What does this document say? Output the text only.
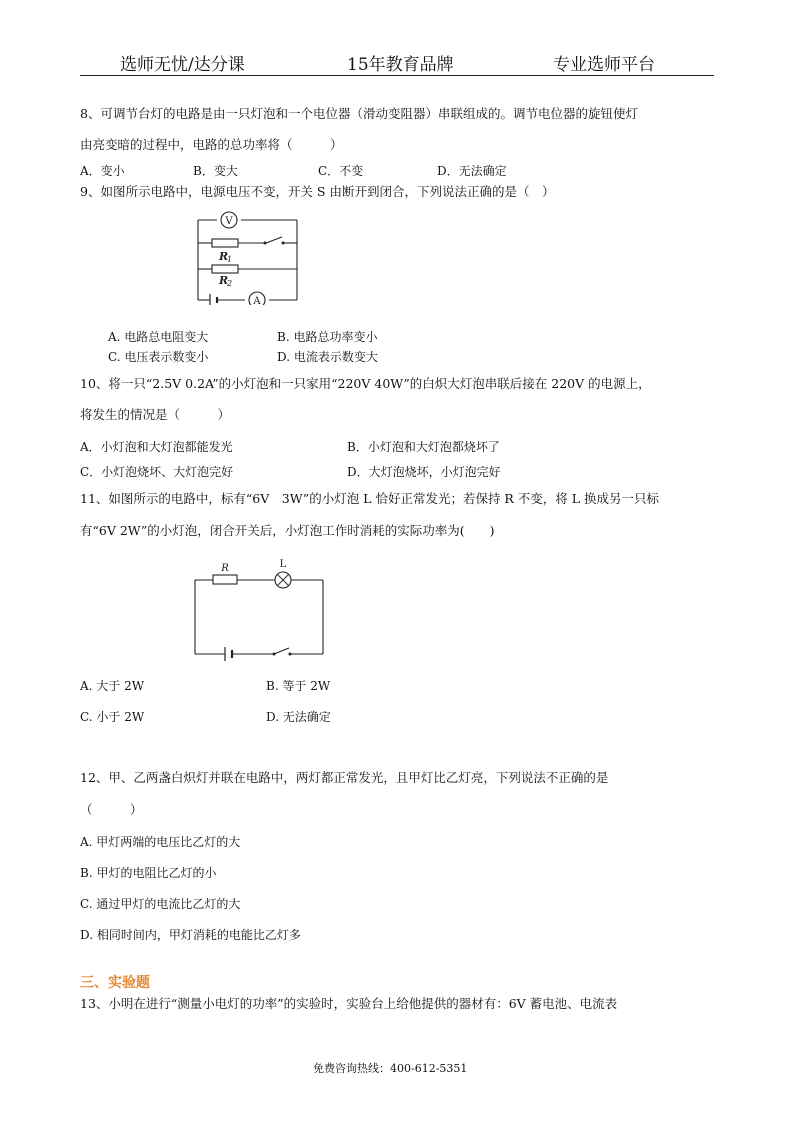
选师无忧/达分课	15年教育品牌	专业选师平台
8、可调节台灯的电路是由一只灯泡和一个电位器（滑动变阻器）串联组成的。调节电位器的旋钮使灯
由亮变暗的过程中，电路的总功率将（　　　）
A．变小	B．变大	C．不变	D．无法确定
9、如图所示电路中，电源电压不变，开关 S 由断开到闭合，下列说法正确的是（　）
V
A
R
1
R
2
A. 电路总电阻变大	B. 电路总功率变小
C. 电压表示数变小	D. 电流表示数变大
10、将一只“2.5V 0.2A”的小灯泡和一只家用“220V 40W”的白炽大灯泡串联后接在 220V 的电源上，
将发生的情况是（　　　）
A．小灯泡和大灯泡都能发光	B．小灯泡和大灯泡都烧坏了
C．小灯泡烧坏、大灯泡完好	D．大灯泡烧坏，小灯泡完好
11、如图所示的电路中，标有“6V　3W”的小灯泡 L 恰好正常发光；若保持 R 不变，将 L 换成另一只标
有“6V 2W”的小灯泡，闭合开关后，小灯泡工作时消耗的实际功率为(　　)
R	L
A. 大于 2W	B. 等于 2W
C. 小于 2W	D. 无法确定
12、甲、乙两盏白炽灯并联在电路中，两灯都正常发光，且甲灯比乙灯亮，下列说法不正确的是
（　　　）
A. 甲灯两端的电压比乙灯的大
B. 甲灯的电阻比乙灯的小
C. 通过甲灯的电流比乙灯的大
D. 相同时间内，甲灯消耗的电能比乙灯多
三、实验题
13、小明在进行“测量小电灯的功率”的实验时，实验台上给他提供的器材有：6V 蓄电池、电流表
免费咨询热线：400-612-5351
